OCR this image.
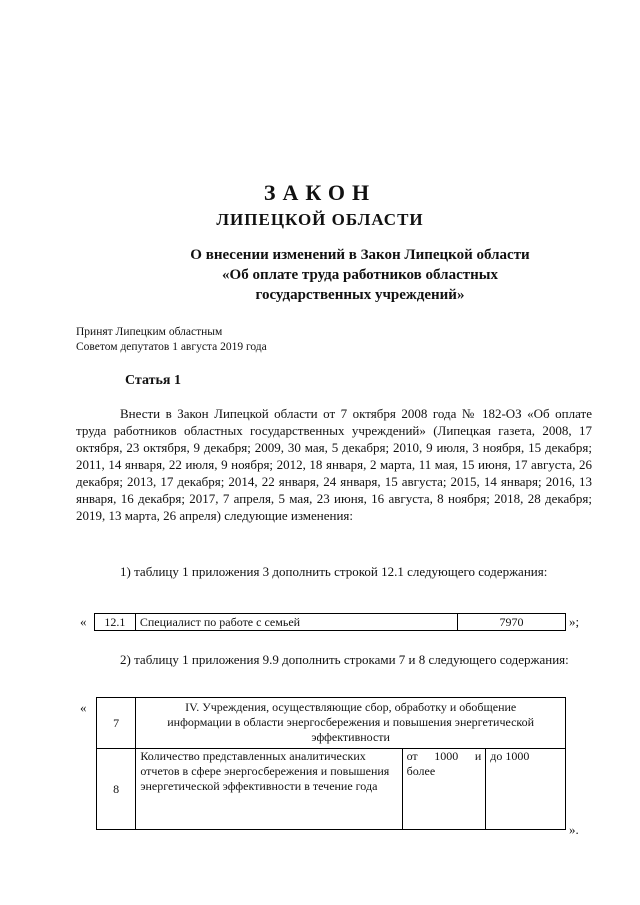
ЗАКОН
ЛИПЕЦКОЙ ОБЛАСТИ
О внесении изменений в Закон Липецкой области
«Об оплате труда работников областных
государственных учреждений»
Принят Липецким областным
Советом депутатов 1 августа 2019 года
Статья 1

Внести в Закон Липецкой области от 7 октября 2008 года № 182-ОЗ «Об оплате труда работников областных государственных учреждений» (Липецкая газета, 2008, 17 октября, 23 октября, 9 декабря; 2009, 30 мая, 5 декабря; 2010, 9 июля, 3 ноября, 15 декабря; 2011, 14 января, 22 июля, 9 ноября; 2012, 18 января, 2 марта, 11 мая, 15 июня, 17 августа, 26 декабря; 2013, 17 декабря; 2014, 22 января, 24 января, 15 августа; 2015, 14 января; 2016, 13 января, 16 декабря; 2017, 7 апреля, 5 мая, 23 июня, 16 августа, 8 ноября; 2018, 28 декабря; 2019, 13 марта, 26 апреля) следующие изменения:

1) таблицу 1 приложения 3 дополнить строкой 12.1 следующего содержания:

« 12.1	Специалист по работе с семьей	7970	»;

2) таблицу 1 приложения 9.9 дополнить строками 7 и 8 следующего содержания:

«
7	IV. Учреждения, осуществляющие сбор, обработку и обобщение информации в области энергосбережения и повышения энергетической эффективности		
8	Количество представленных аналитических отчетов в сфере энергосбережения и повышения энергетической эффективности в течение года	от 1000 и более	до 1000
».
